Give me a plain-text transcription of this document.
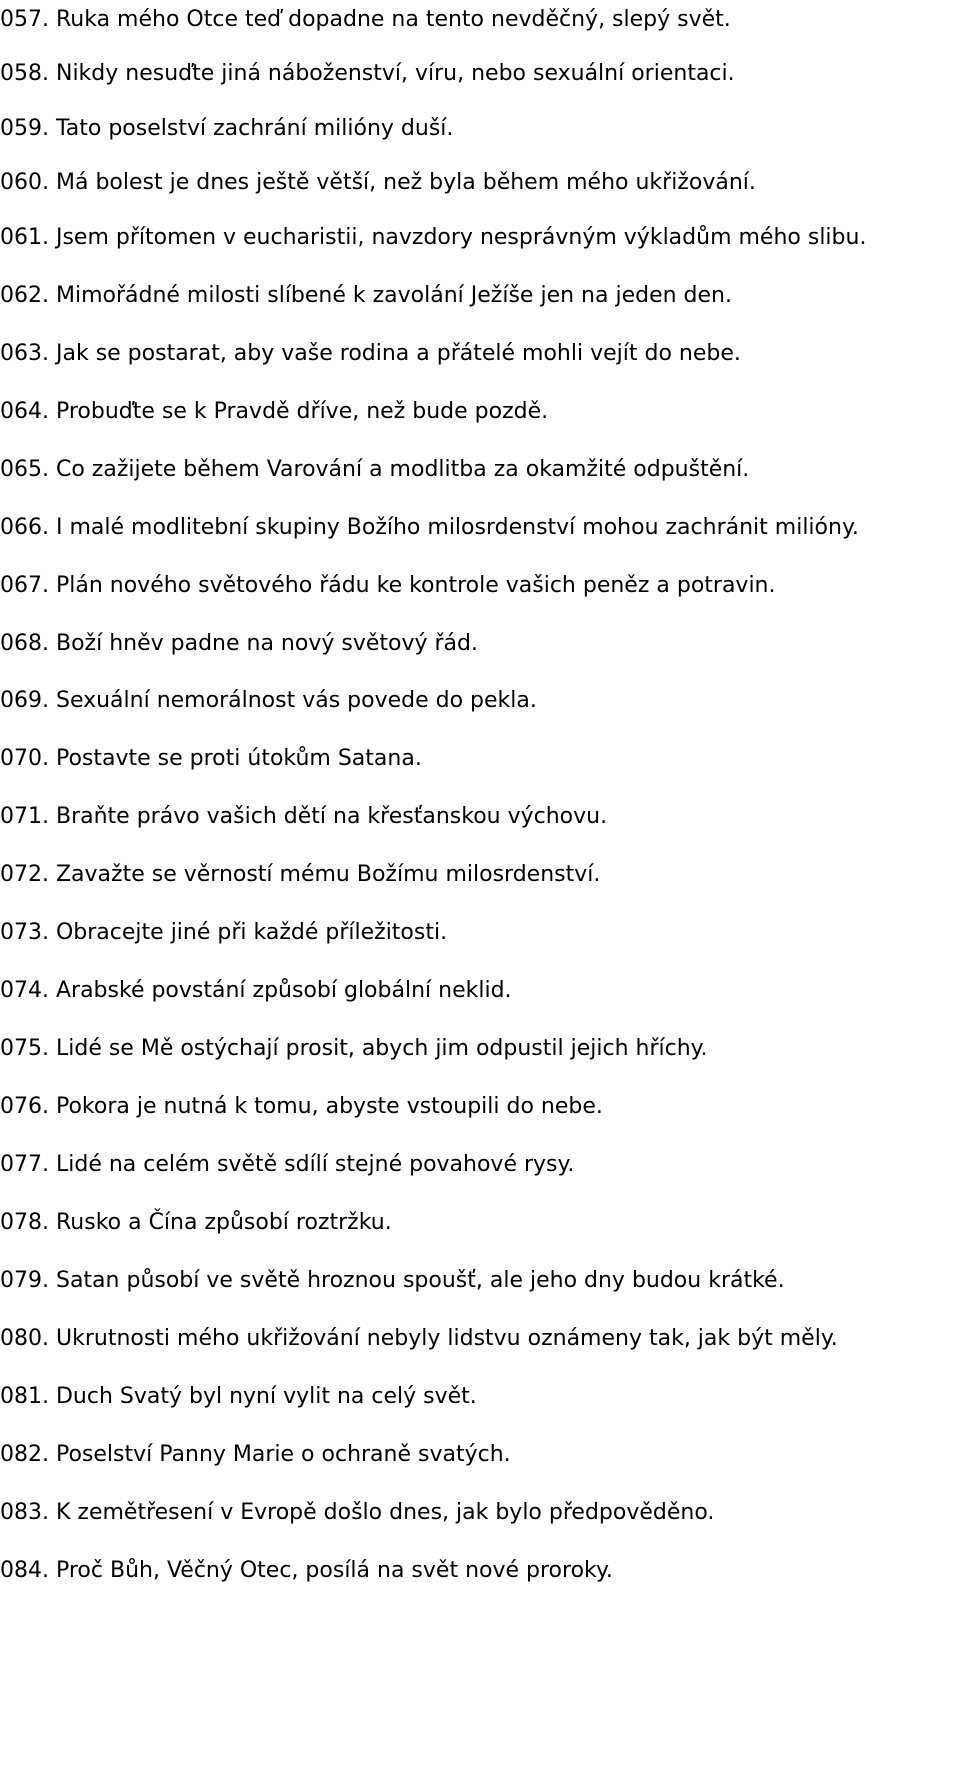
057. Ruka mého Otce teď dopadne na tento nevděčný, slepý svět.
058. Nikdy nesuďte jiná náboženství, víru, nebo sexuální orientaci.
059. Tato poselství zachrání milióny duší.
060. Má bolest je dnes ještě větší, než byla během mého ukřižování.
061. Jsem přítomen v eucharistii, navzdory nesprávným výkladům mého slibu.
062. Mimořádné milosti slíbené k zavolání Ježíše jen na jeden den.
063. Jak se postarat, aby vaše rodina a přátelé mohli vejít do nebe.
064. Probuďte se k Pravdě dříve, než bude pozdě.
065. Co zažijete během Varování a modlitba za okamžité odpuštění.
066. I malé modlitební skupiny Božího milosrdenství mohou zachránit milióny.
067. Plán nového světového řádu ke kontrole vašich peněz a potravin.
068. Boží hněv padne na nový světový řád.
069. Sexuální nemorálnost vás povede do pekla.
070. Postavte se proti útokům Satana.
071. Braňte právo vašich dětí na křesťanskou výchovu.
072. Zavažte se věrností mému Božímu milosrdenství.
073. Obracejte jiné při každé příležitosti.
074. Arabské povstání způsobí globální neklid.
075. Lidé se Mě ostýchají prosit, abych jim odpustil jejich hříchy.
076. Pokora je nutná k tomu, abyste vstoupili do nebe.
077. Lidé na celém světě sdílí stejné povahové rysy.
078. Rusko a Čína způsobí roztržku.
079. Satan působí ve světě hroznou spoušť, ale jeho dny budou krátké.
080. Ukrutnosti mého ukřižování nebyly lidstvu oznámeny tak, jak být měly.
081. Duch Svatý byl nyní vylit na celý svět.
082. Poselství Panny Marie o ochraně svatých.
083. K zemětřesení v Evropě došlo dnes, jak bylo předpověděno.
084. Proč Bůh, Věčný Otec, posílá na svět nové proroky.
